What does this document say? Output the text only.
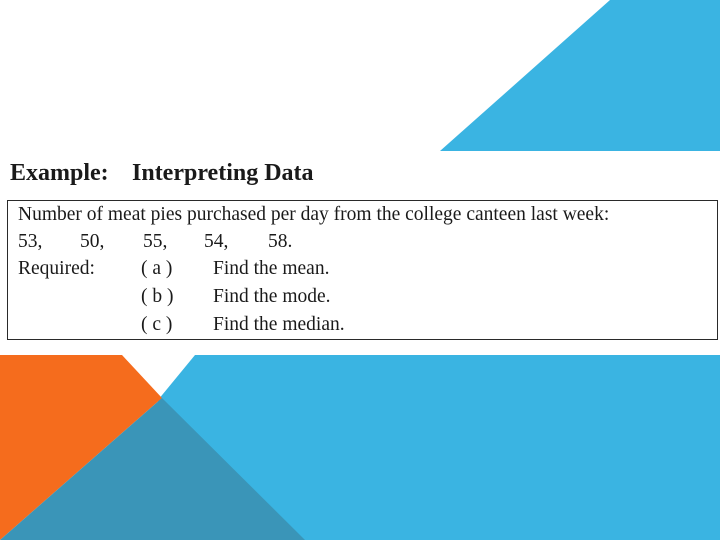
Example: Interpreting Data
Number of meat pies purchased per day from the college canteen last week:
53, 50, 55, 54, 58.
Required: ( a ) Find the mean.
( b ) Find the mode.
( c ) Find the median.
